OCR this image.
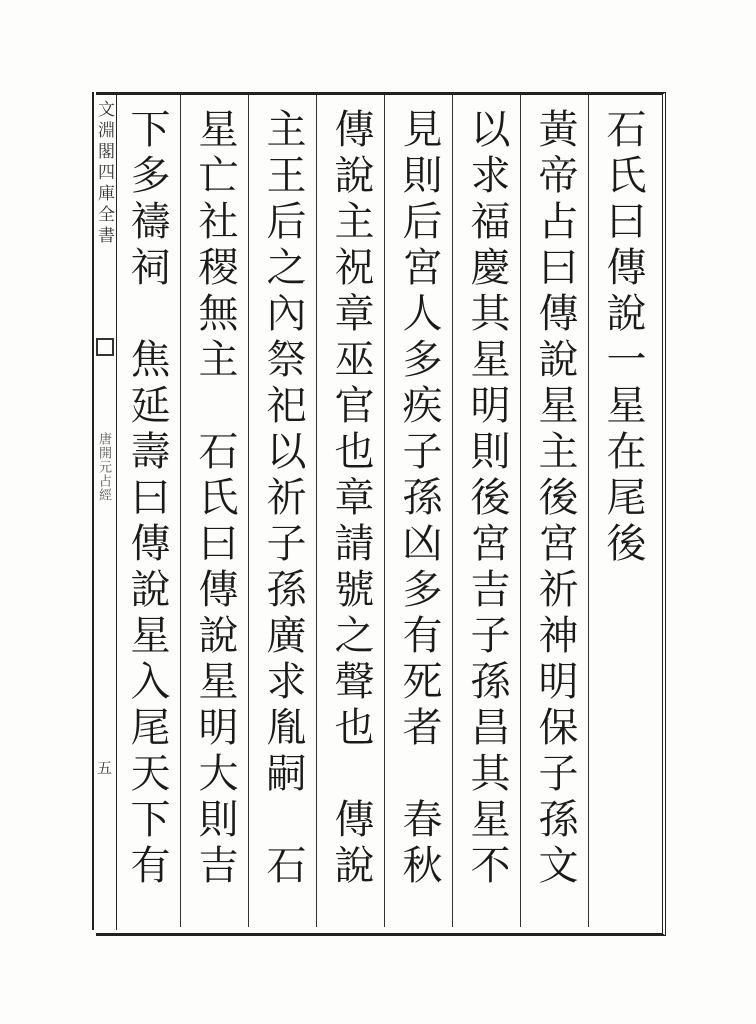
文淵閣四庫全書
唐開元占經
五
石氏曰傳說一星在尾後
黃帝占曰傳說星主後宮祈神明保子孫文
以求福慶其星明則後宮吉子孫昌其星不
見則后宮人多疾子孫凶多有死者　春秋
傳說主祝章巫官也章請號之聲也　傳說
主王后之內祭祀以祈子孫廣求胤嗣　石
星亡社稷無主　石氏曰傳說星明大則吉
下多禱祠　焦延壽曰傳說星入尾天下有
